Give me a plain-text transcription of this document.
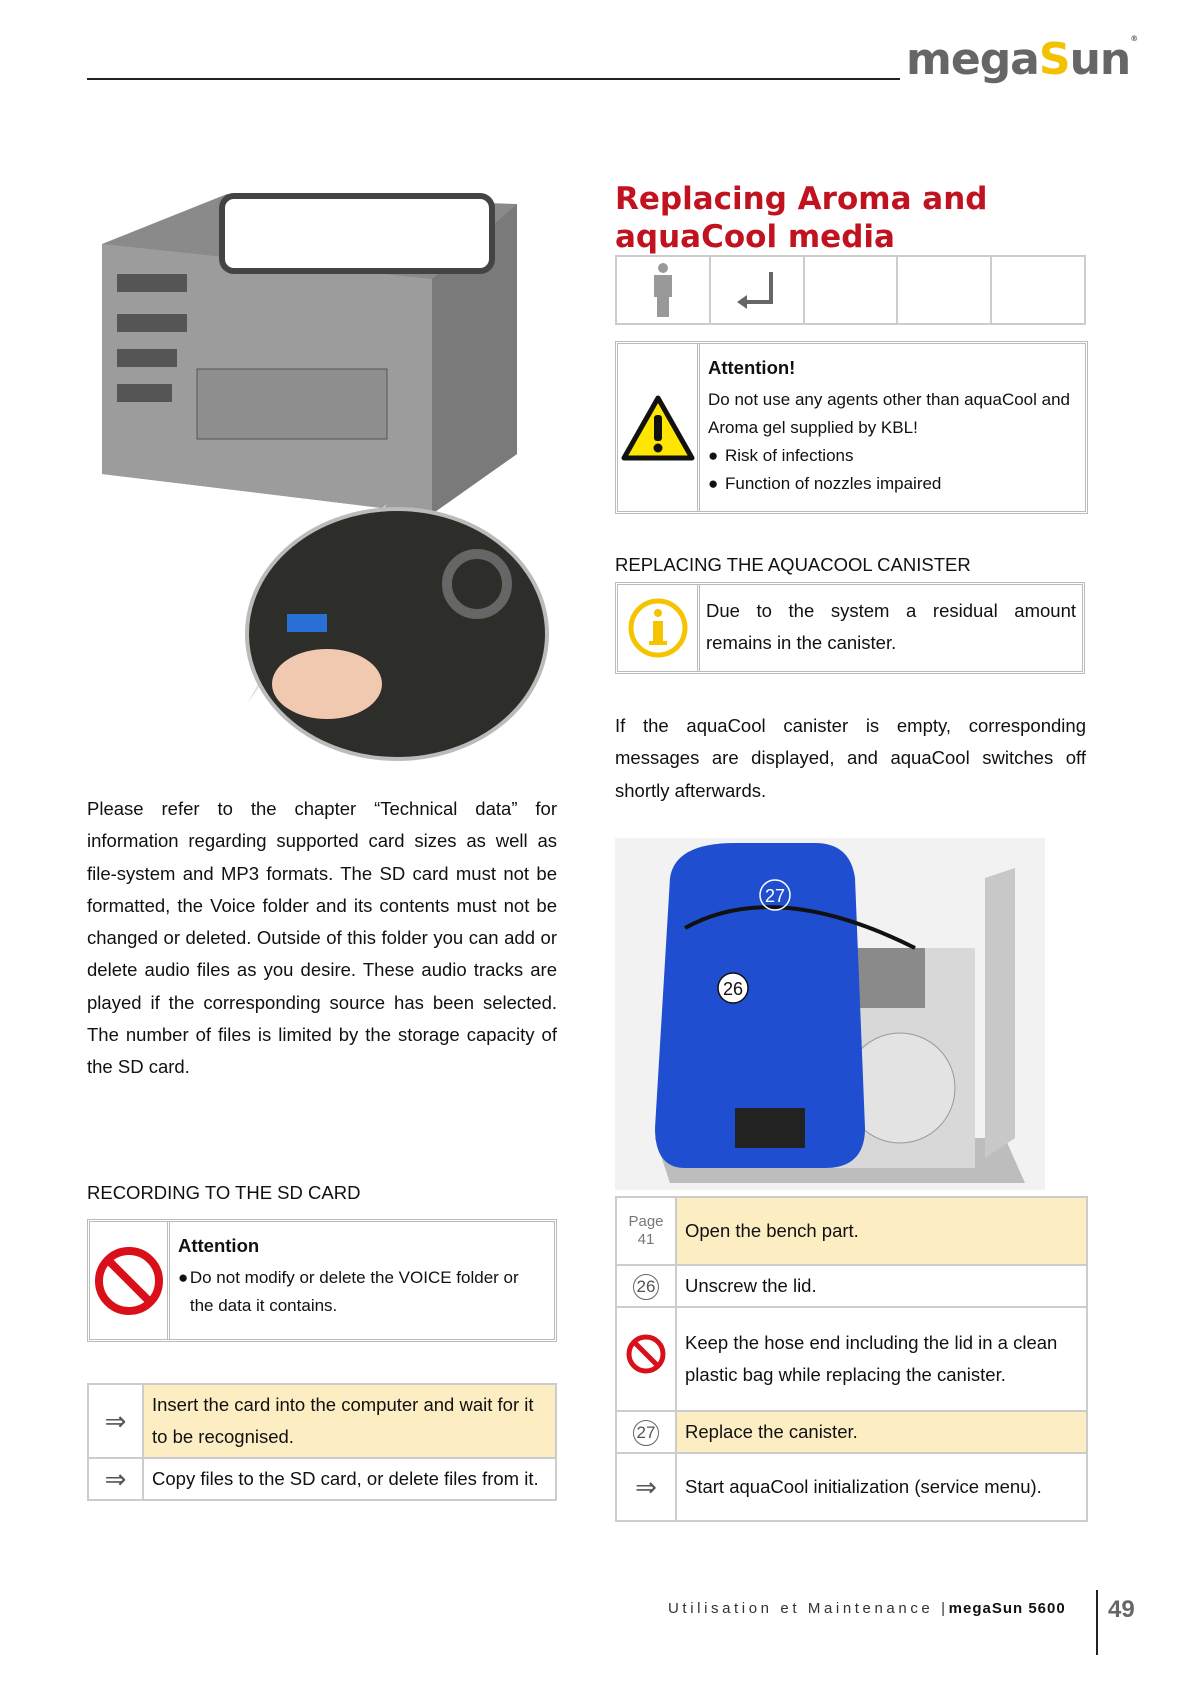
megaSun®
Please refer to the chapter “Technical data” for information regarding supported card sizes as well as file-system and MP3 formats. The SD card must not be formatted, the Voice folder and its contents must not be changed or deleted. Outside of this folder you can add or delete audio files as you desire. These audio tracks are played if the corresponding source has been selected. The number of files is limited by the storage capacity of the SD card.
RECORDING TO THE SD CARD
Attention
● Do not modify or delete the VOICE folder or the data it contains.
⇒	Insert the card into the computer and wait for it to be recognised.
⇒	Copy files to the SD card, or delete files from it.
Replacing Aroma and aquaCool media
Attention!
Do not use any agents other than aquaCool and Aroma gel supplied by KBL!
● Risk of infections
● Function of nozzles impaired
REPLACING THE AQUACOOL CANISTER
Due to the system a residual amount remains in the canister.
If the aquaCool canister is empty, corresponding messages are displayed, and aquaCool switches off shortly afterwards.
27
26
Page
41	Open the bench part.
26	Unscrew the lid.
	Keep the hose end including the lid in a clean plastic bag while replacing the canister.
27	Replace the canister.
⇒	Start aquaCool initialization (service menu).
Utilisation et Maintenance |megaSun 5600 49
